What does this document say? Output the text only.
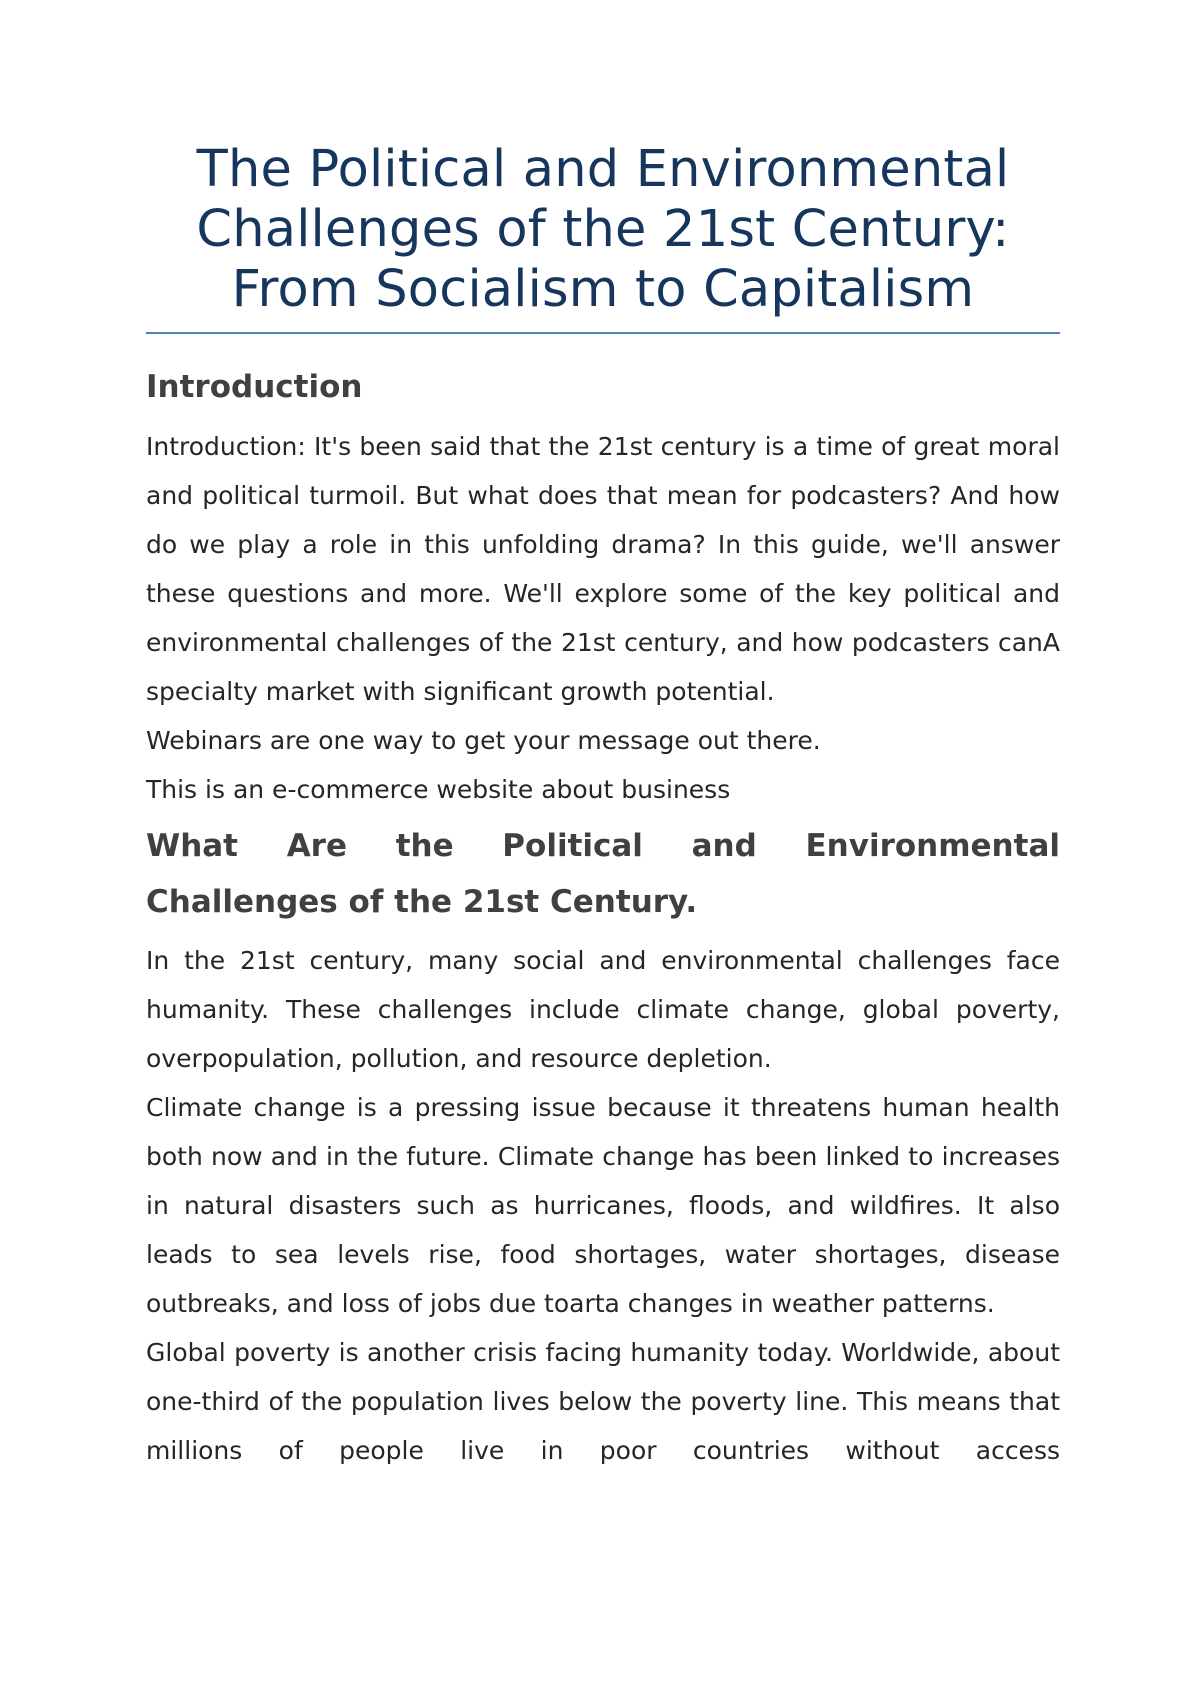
The Political and Environmental Challenges of the 21st Century: From Socialism to Capitalism
Introduction

Introduction: It's been said that the 21st century is a time of great moral and political turmoil. But what does that mean for podcasters? And how do we play a role in this unfolding drama? In this guide, we'll answer these questions and more. We'll explore some of the key political and environmental challenges of the 21st century, and how podcasters canA specialty market with significant growth potential.

Webinars are one way to get your message out there.

This is an e-commerce website about business

What Are the Political and Environmental Challenges of the 21st Century.

In the 21st century, many social and environmental challenges face humanity. These challenges include climate change, global poverty, overpopulation, pollution, and resource depletion.

Climate change is a pressing issue because it threatens human health both now and in the future. Climate change has been linked to increases in natural disasters such as hurricanes, floods, and wildfires. It also leads to sea levels rise, food shortages, water shortages, disease outbreaks, and loss of jobs due toarta changes in weather patterns.

Global poverty is another crisis facing humanity today. Worldwide, about one-third of the population lives below the poverty line. This means that millions of people live in poor countries without access
